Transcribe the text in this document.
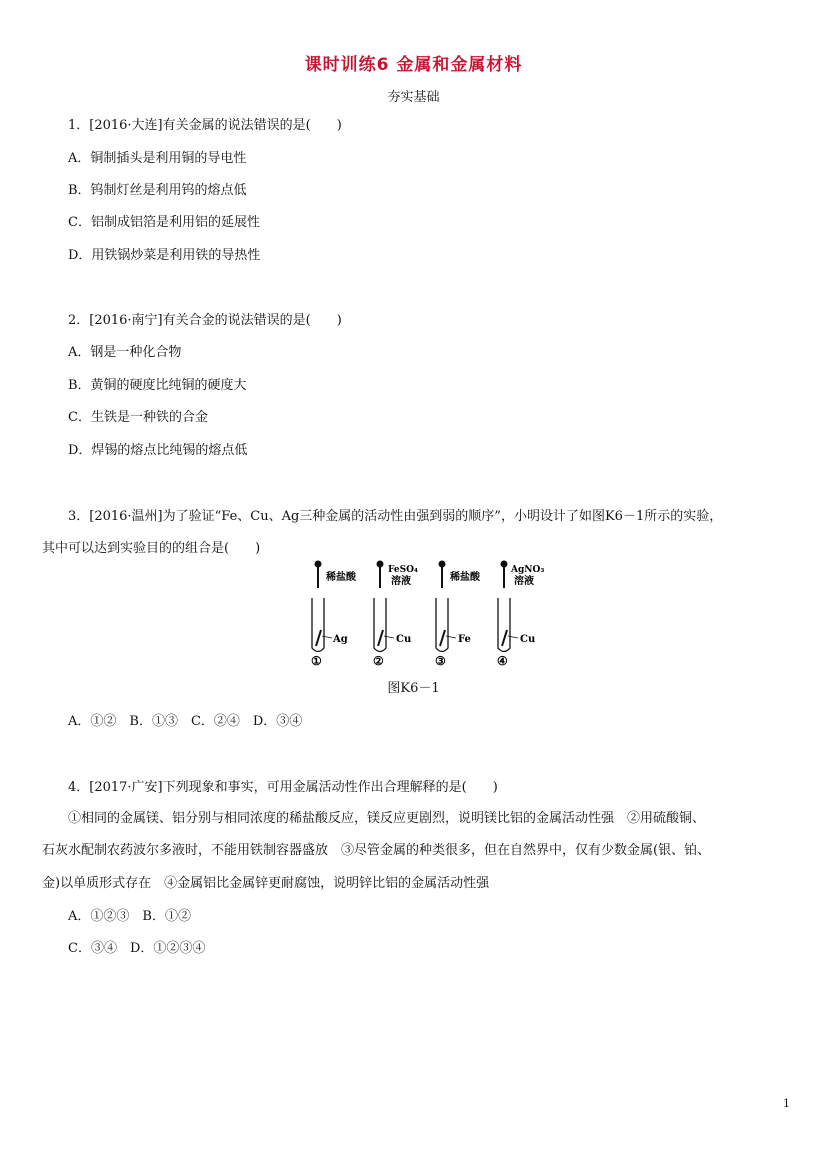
课时训练6 金属和金属材料
夯实基础
1．[2016·大连]有关金属的说法错误的是(　　)
A．铜制插头是利用铜的导电性
B．钨制灯丝是利用钨的熔点低
C．铝制成铝箔是利用铝的延展性
D．用铁锅炒菜是利用铁的导热性
2．[2016·南宁]有关合金的说法错误的是(　　)
A．钢是一种化合物
B．黄铜的硬度比纯铜的硬度大
C．生铁是一种铁的合金
D．焊锡的熔点比纯锡的熔点低
3．[2016·温州]为了验证“Fe、Cu、Ag三种金属的活动性由强到弱的顺序”，小明设计了如图K6－1所示的实验，
其中可以达到实验目的的组合是(　　)
稀盐酸
Ag
①
FeSO₄
溶液
Cu
②
稀盐酸
Fe
③
AgNO₃
溶液
Cu
④
图K6－1
A．①②　B．①③　C．②④　D．③④
4．[2017·广安]下列现象和事实，可用金属活动性作出合理解释的是(　　)
①相同的金属镁、铝分别与相同浓度的稀盐酸反应，镁反应更剧烈，说明镁比铝的金属活动性强　②用硫酸铜、
石灰水配制农药波尔多液时，不能用铁制容器盛放　③尽管金属的种类很多，但在自然界中，仅有少数金属(银、铂、
金)以单质形式存在　④金属铝比金属锌更耐腐蚀，说明锌比铝的金属活动性强
A．①②③　B．①②
C．③④　D．①②③④
1
